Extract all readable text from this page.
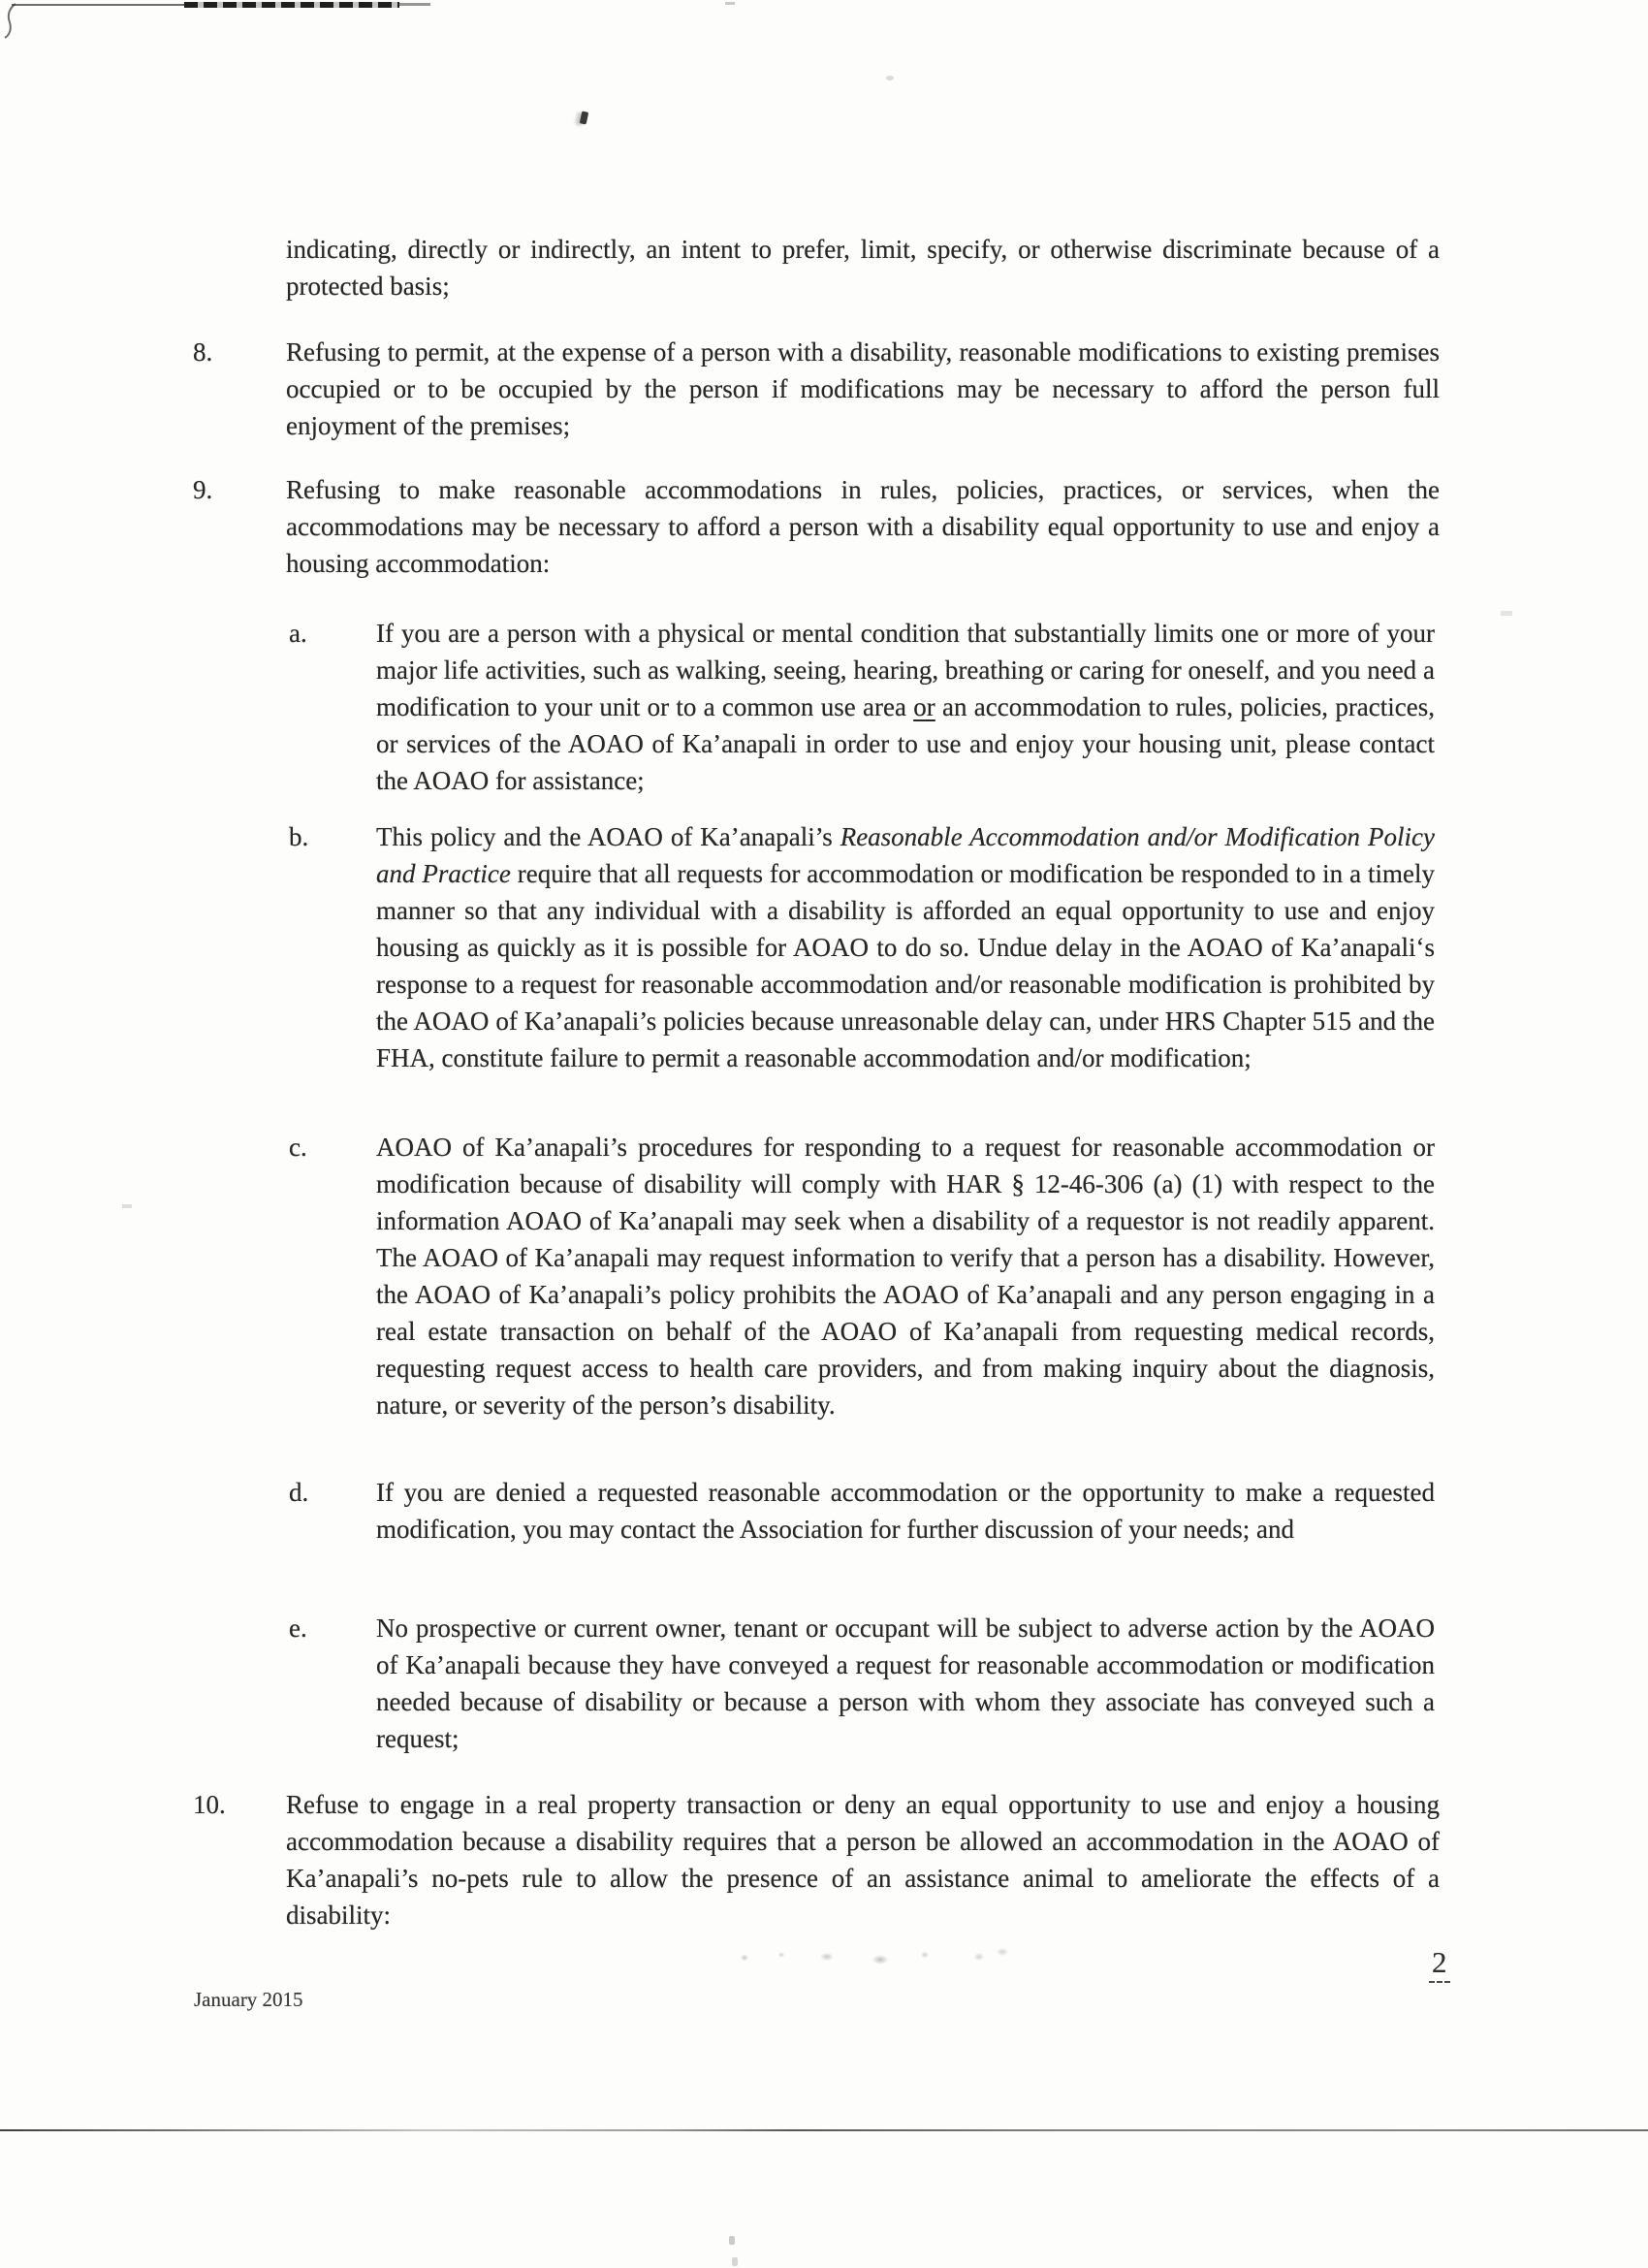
indicating, directly or indirectly, an intent to prefer, limit, specify, or otherwise discriminate because of a protected basis;
8.	Refusing to permit, at the expense of a person with a disability, reasonable modifications to existing premises occupied or to be occupied by the person if modifications may be necessary to afford the person full enjoyment of the premises;
9.	Refusing to make reasonable accommodations in rules, policies, practices, or services, when the accommodations may be necessary to afford a person with a disability equal opportunity to use and enjoy a housing accommodation:
a.	If you are a person with a physical or mental condition that substantially limits one or more of your major life activities, such as walking, seeing, hearing, breathing or caring for oneself, and you need a modification to your unit or to a common use area or an accommodation to rules, policies, practices, or services of the AOAO of Ka’anapali in order to use and enjoy your housing unit, please contact the AOAO for assistance;
b.	This policy and the AOAO of Ka’anapali’s Reasonable Accommodation and/or Modification Policy and Practice require that all requests for accommodation or modification be responded to in a timely manner so that any individual with a disability is afforded an equal opportunity to use and enjoy housing as quickly as it is possible for AOAO to do so. Undue delay in the AOAO of Ka’anapali‘s response to a request for reasonable accommodation and/or reasonable modification is prohibited by the AOAO of Ka’anapali’s policies because unreasonable delay can, under HRS Chapter 515 and the FHA, constitute failure to permit a reasonable accommodation and/or modification;
c.	AOAO of Ka’anapali’s procedures for responding to a request for reasonable accommodation or modification because of disability will comply with HAR § 12-46-306 (a) (1) with respect to the information AOAO of Ka’anapali may seek when a disability of a requestor is not readily apparent. The AOAO of Ka’anapali may request information to verify that a person has a disability. However, the AOAO of Ka’anapali’s policy prohibits the AOAO of Ka’anapali and any person engaging in a real estate transaction on behalf of the AOAO of Ka’anapali from requesting medical records, requesting request access to health care providers, and from making inquiry about the diagnosis, nature, or severity of the person’s disability.
d.	If you are denied a requested reasonable accommodation or the opportunity to make a requested modification, you may contact the Association for further discussion of your needs; and
e.	No prospective or current owner, tenant or occupant will be subject to adverse action by the AOAO of Ka’anapali because they have conveyed a request for reasonable accommodation or modification needed because of disability or because a person with whom they associate has conveyed such a request;
10.	Refuse to engage in a real property transaction or deny an equal opportunity to use and enjoy a housing accommodation because a disability requires that a person be allowed an accommodation in the AOAO of Ka’anapali’s no-pets rule to allow the presence of an assistance animal to ameliorate the effects of a disability:
January 2015
2
